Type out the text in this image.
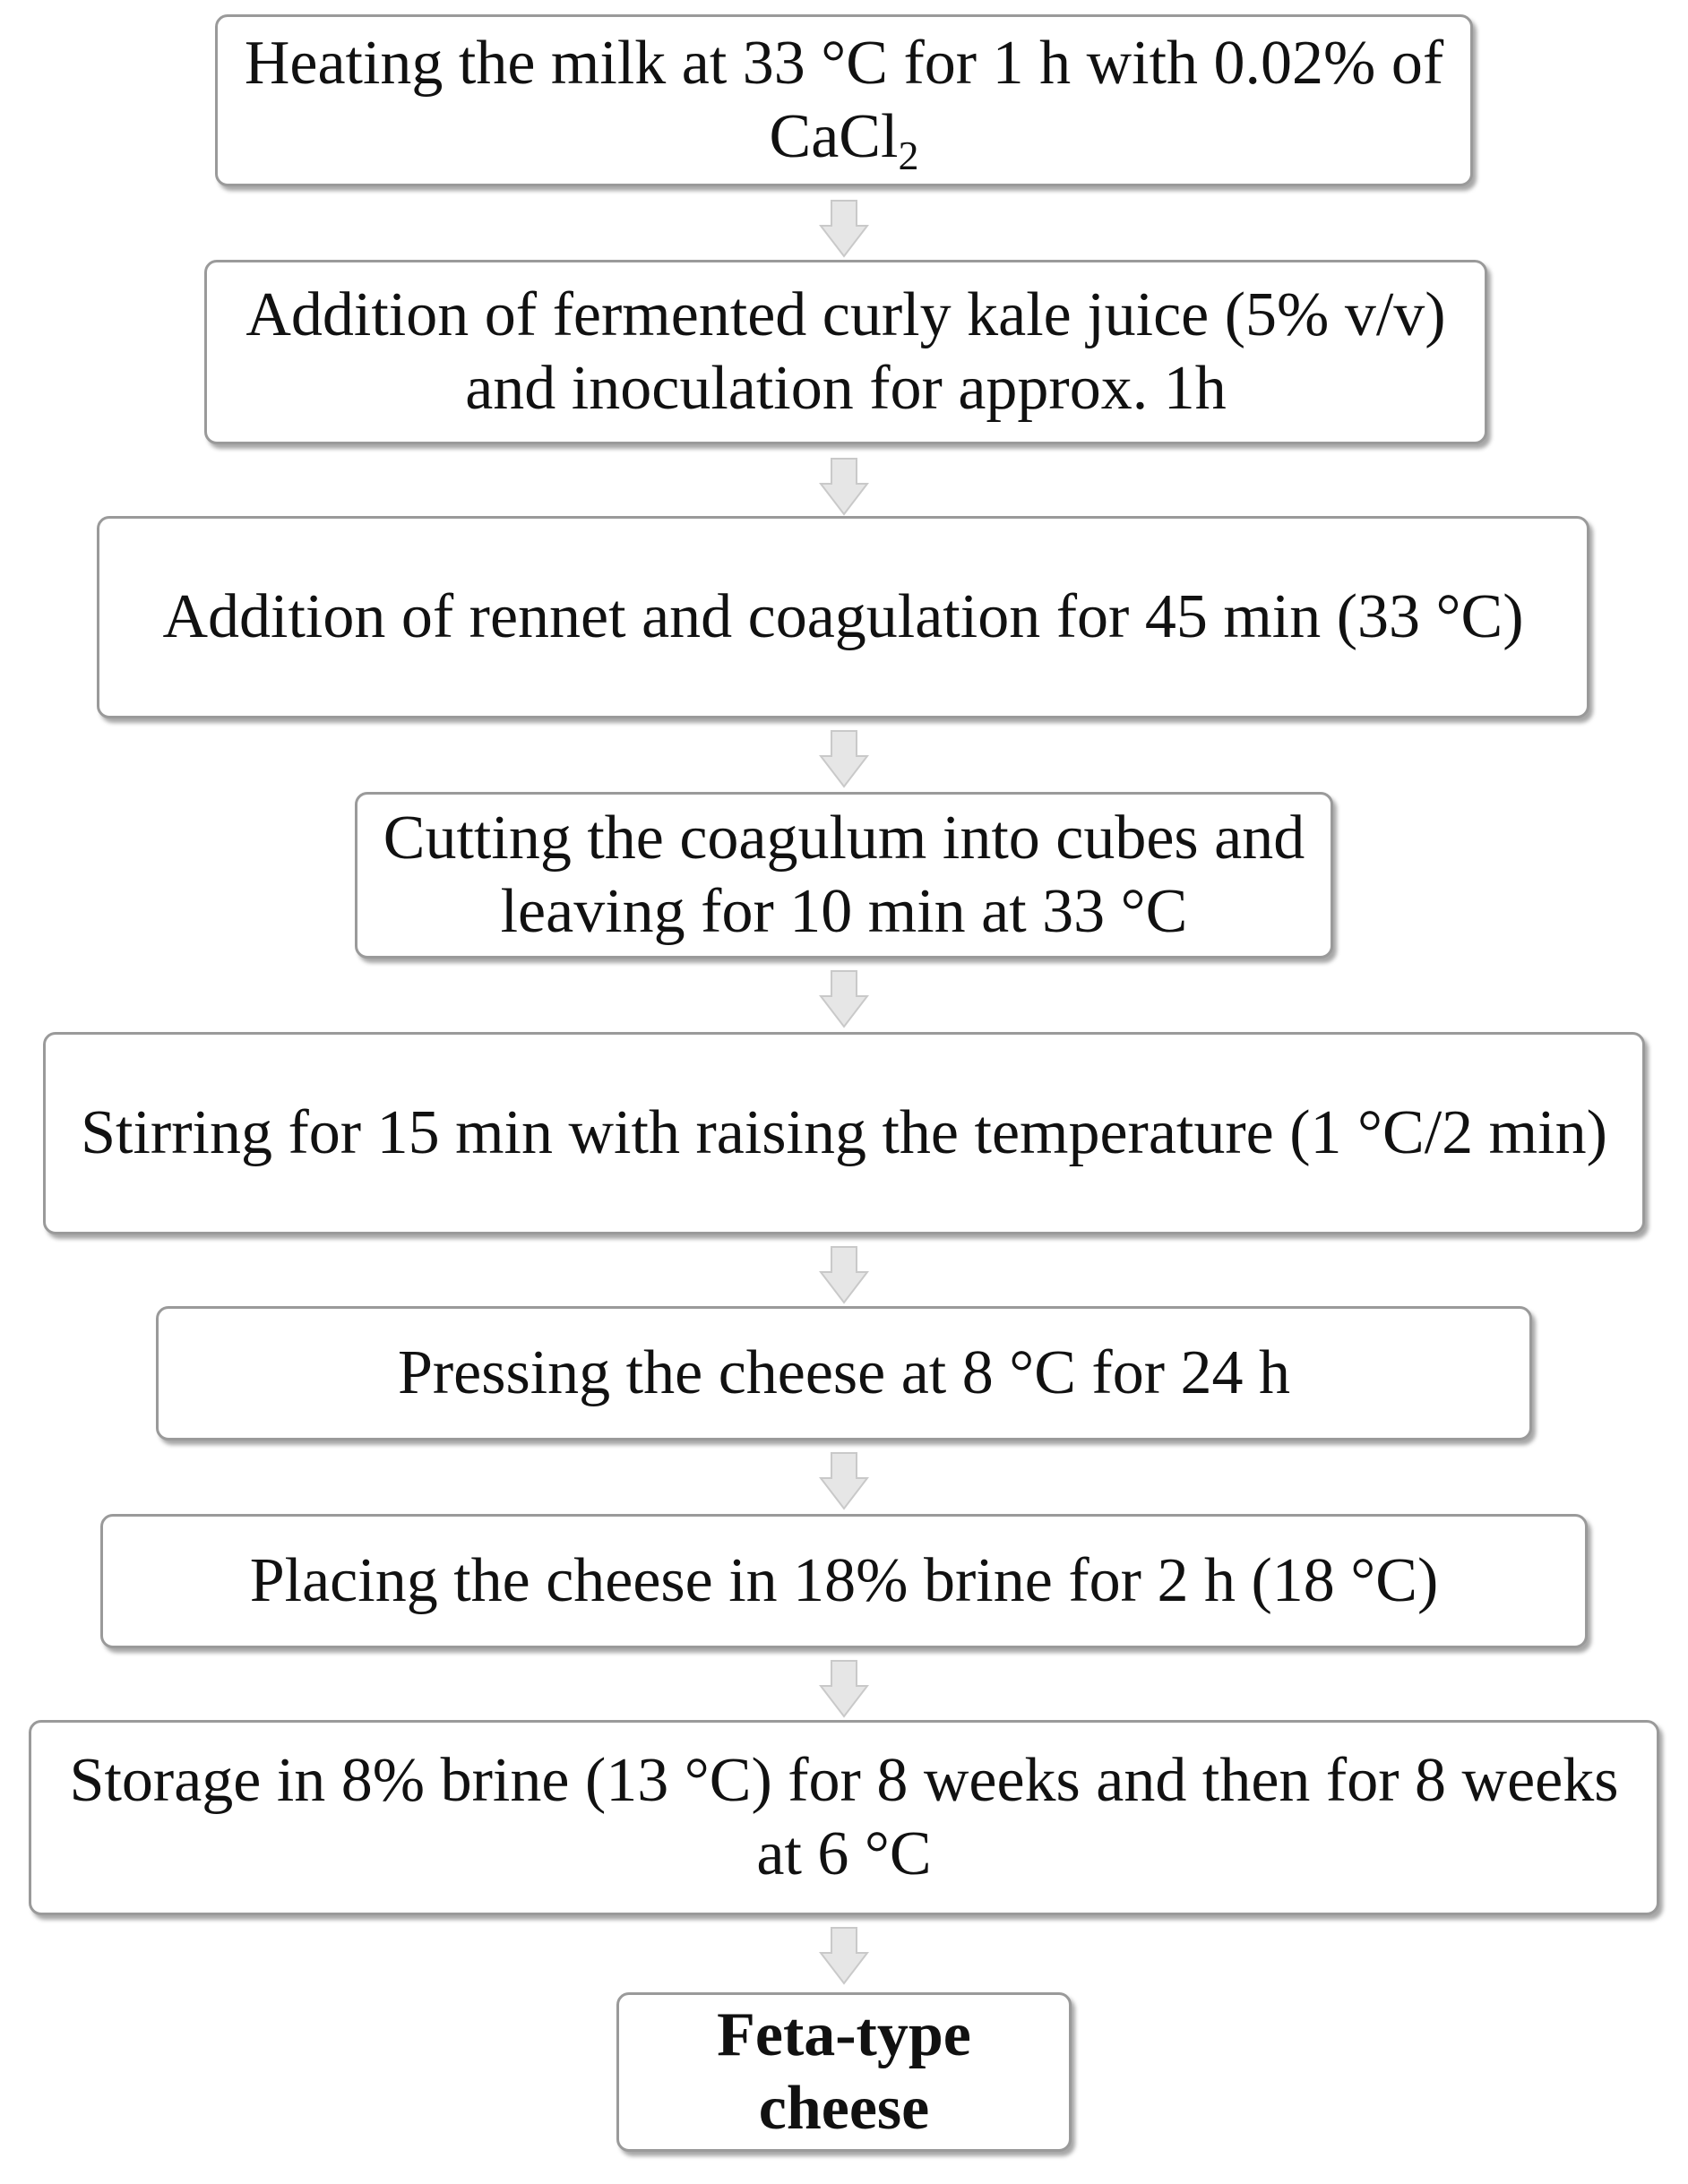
Heating the milk at 33 °C for 1 h with 0.02% of CaCl$_2$
Addition of fermented curly kale juice (5% v/v) and inoculation for approx. 1h
Addition of rennet and coagulation for 45 min (33 °C)
Cutting the coagulum into cubes and leaving for 10 min at 33 °C
Stirring for 15 min with raising the temperature (1 °C/2 min)
Pressing the cheese at 8 °C for 24 h
Placing the cheese in 18% brine for 2 h (18 °C)
Storage in 8% brine (13 °C) for 8 weeks and then for 8 weeks at 6 °C
Feta-type cheese
